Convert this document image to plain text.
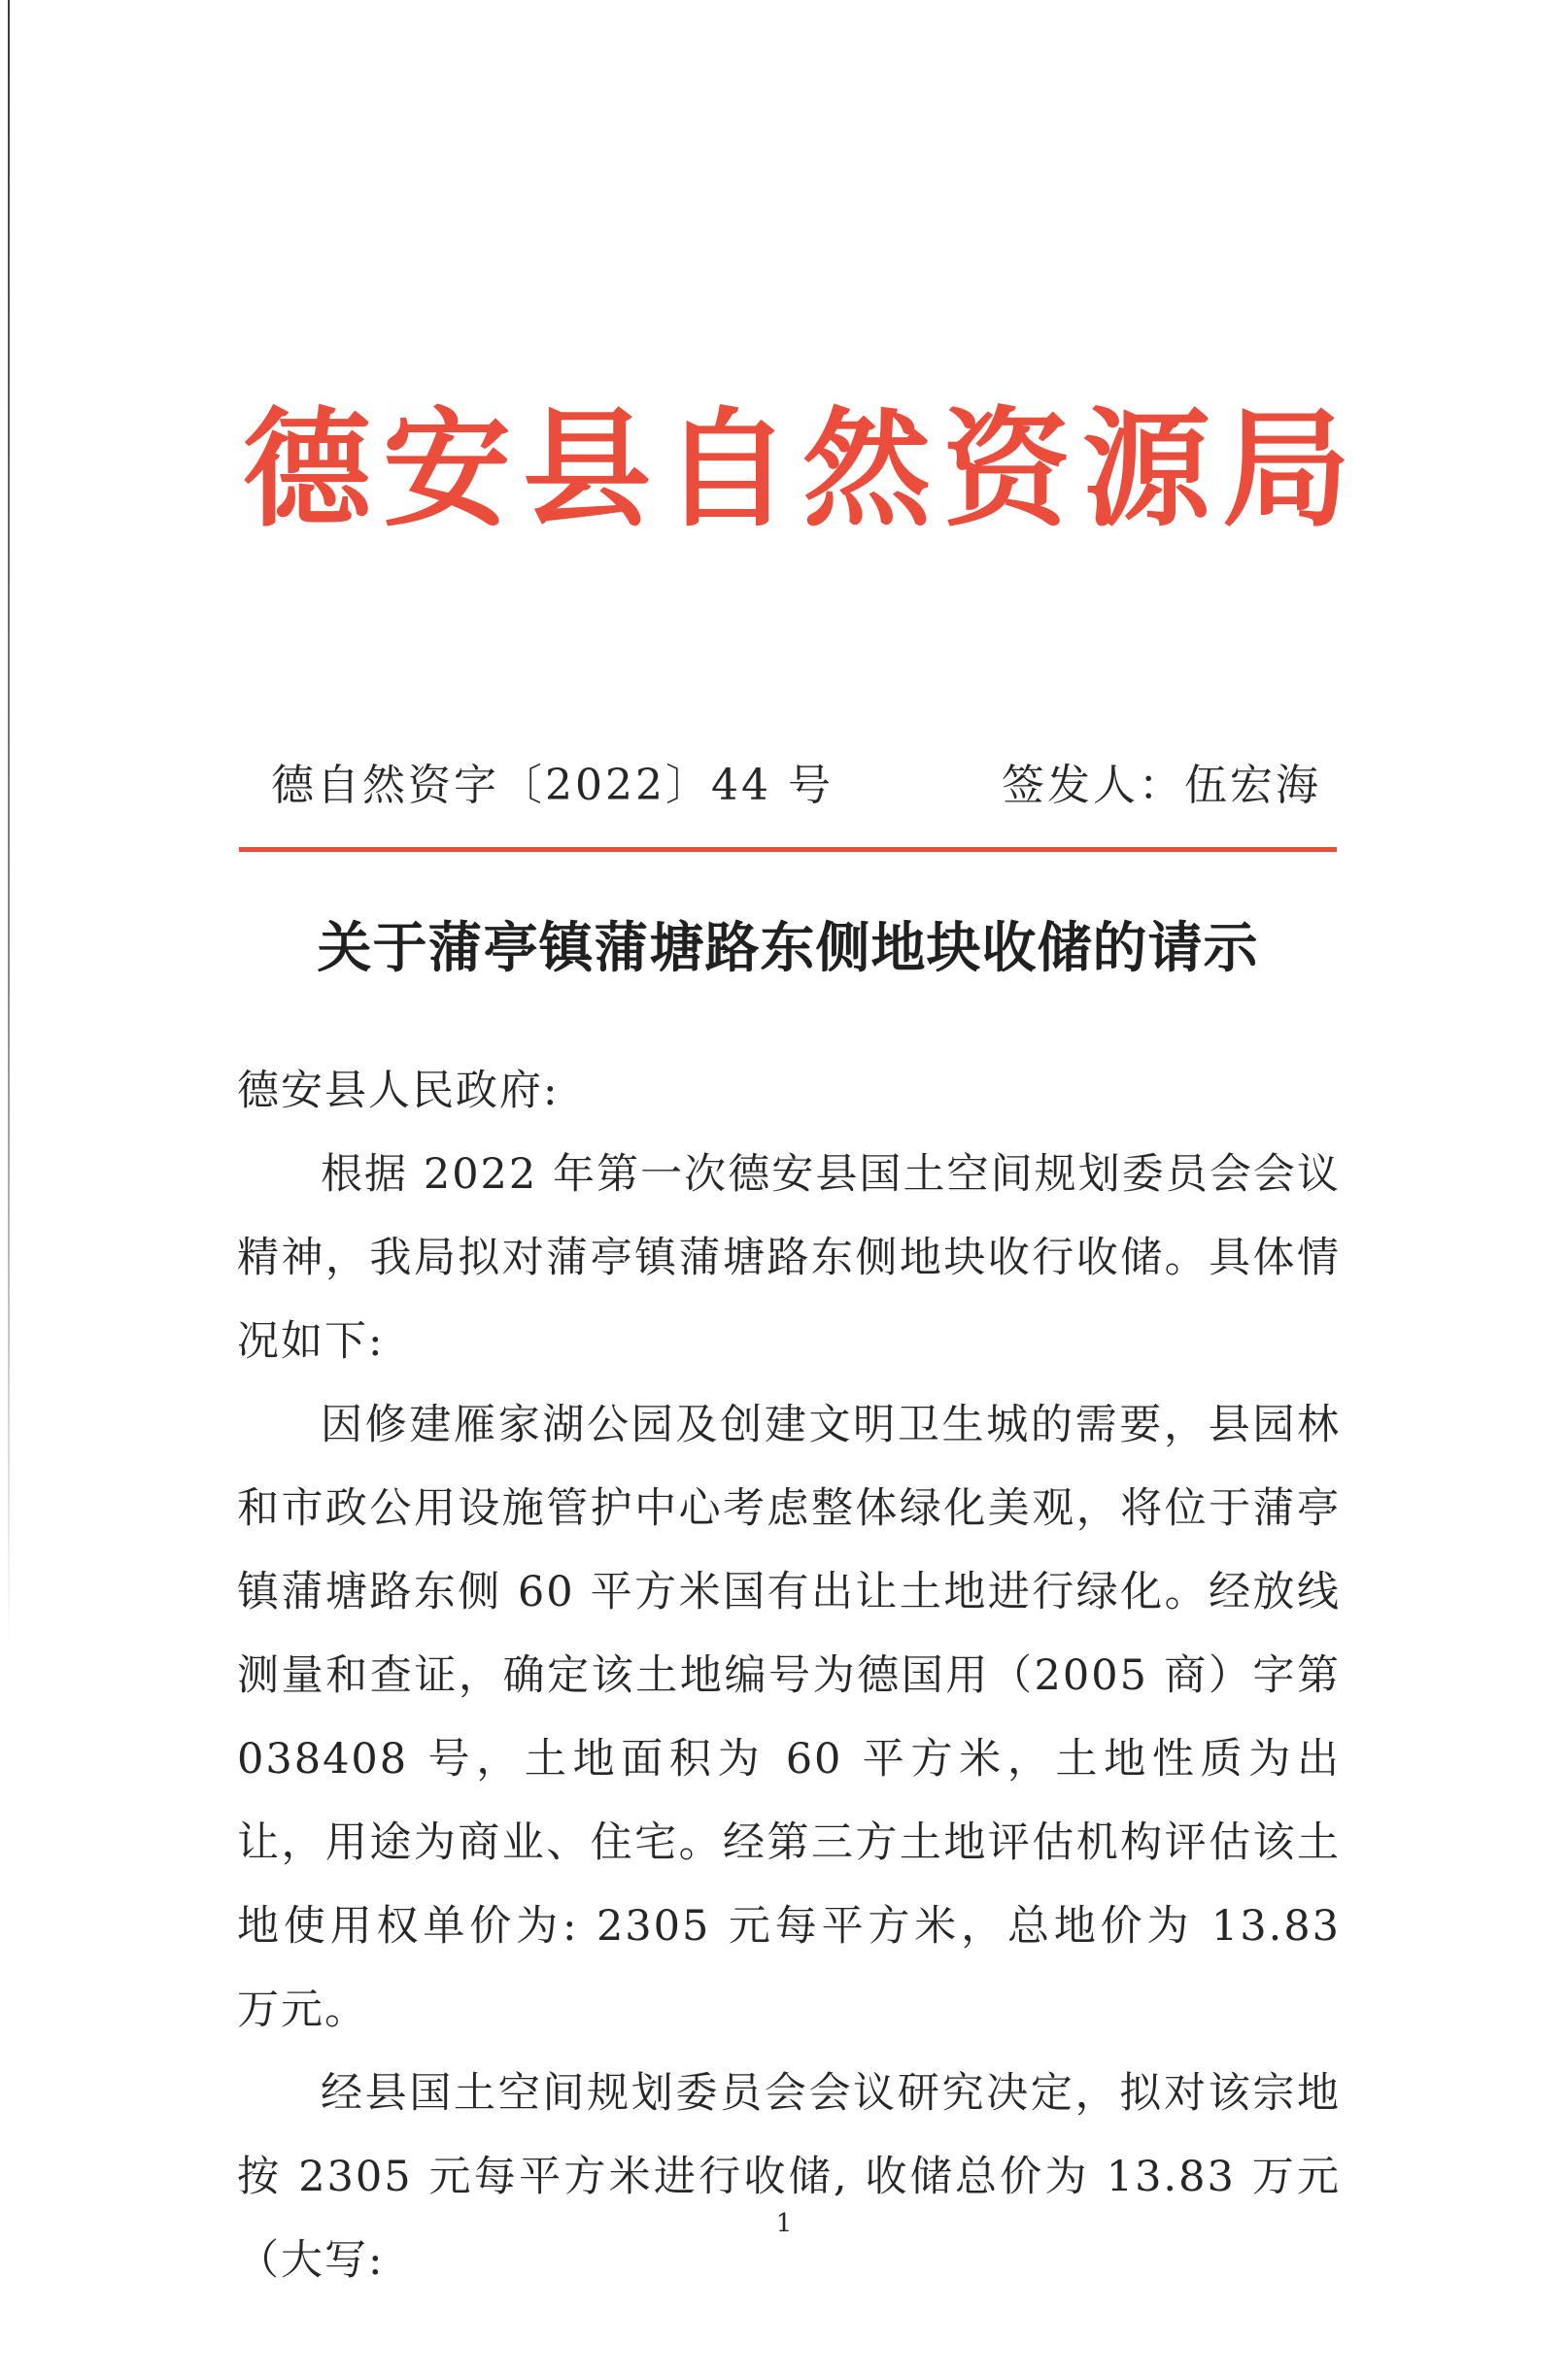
德安县自然资源局
德自然资字〔2022〕44 号	签发人：伍宏海
关于蒲亭镇蒲塘路东侧地块收储的请示

德安县人民政府:

根据 2022 年第一次德安县国土空间规划委员会会议精神，我局拟对蒲亭镇蒲塘路东侧地块收行收储。具体情况如下:

因修建雁家湖公园及创建文明卫生城的需要，县园林和市政公用设施管护中心考虑整体绿化美观，将位于蒲亭镇蒲塘路东侧 60 平方米国有出让土地进行绿化。经放线测量和查证，确定该土地编号为德国用（2005 商）字第 038408 号，土地面积为 60 平方米，土地性质为出让，用途为商业、住宅。经第三方土地评估机构评估该土地使用权单价为: 2305 元每平方米，总地价为 13.83 万元。

经县国土空间规划委员会会议研究决定，拟对该宗地按 2305 元每平方米进行收储, 收储总价为 13.83 万元（大写:

1
